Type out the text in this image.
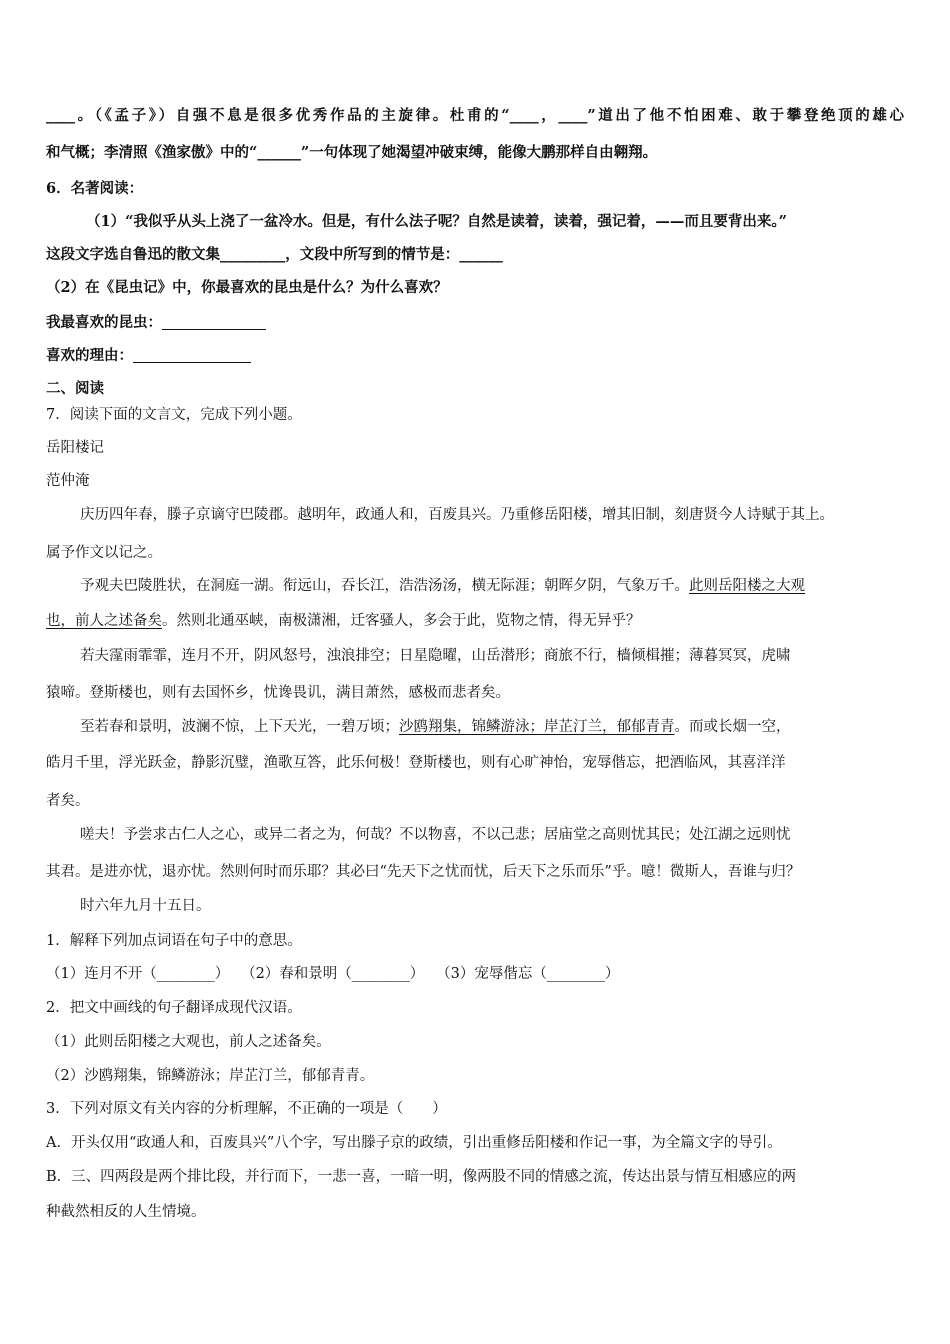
____。（《孟子》）自强不息是很多优秀作品的主旋律。杜甫的“____，____”道出了他不怕困难、敢于攀登绝顶的雄心

和气概；李清照《渔家傲》中的“______”一句体现了她渴望冲破束缚，能像大鹏那样自由翱翔。

6．名著阅读：

（1）“我似乎从头上浇了一盆冷水。但是，有什么法子呢？自然是读着，读着，强记着，——而且要背出来。”

这段文字选自鲁迅的散文集_________，文段中所写到的情节是：______

（2）在《昆虫记》中，你最喜欢的昆虫是什么？为什么喜欢？

我最喜欢的昆虫：

喜欢的理由：

二、阅读

7．阅读下面的文言文，完成下列小题。

岳阳楼记

范仲淹

庆历四年春，滕子京谪守巴陵郡。越明年，政通人和，百废具兴。乃重修岳阳楼，增其旧制，刻唐贤今人诗赋于其上。

属予作文以记之。

予观夫巴陵胜状，在洞庭一湖。衔远山，吞长江，浩浩汤汤，横无际涯；朝晖夕阴，气象万千。此则岳阳楼之大观

也，前人之述备矣。然则北通巫峡，南极潇湘，迁客骚人，多会于此，览物之情，得无异乎？

若夫霪雨霏霏，连月不开，阴风怒号，浊浪排空；日星隐曜，山岳潜形；商旅不行，樯倾楫摧；薄暮冥冥，虎啸

猿啼。登斯楼也，则有去国怀乡，忧谗畏讥，满目萧然，感极而悲者矣。

至若春和景明，波澜不惊，上下天光，一碧万顷；沙鸥翔集，锦鳞游泳；岸芷汀兰，郁郁青青。而或长烟一空，

皓月千里，浮光跃金，静影沉璧，渔歌互答，此乐何极！登斯楼也，则有心旷神怡，宠辱偕忘，把酒临风，其喜洋洋

者矣。

嗟夫！予尝求古仁人之心，或异二者之为，何哉？不以物喜，不以己悲；居庙堂之高则忧其民；处江湖之远则忧

其君。是进亦忧，退亦忧。然则何时而乐耶？其必曰“先天下之忧而忧，后天下之乐而乐”乎。噫！微斯人，吾谁与归？

时六年九月十五日。

1．解释下列加点词语在句子中的意思。

（1）连月不开（________）　 （2）春和景明（________）　 （3）宠辱偕忘（________）

2．把文中画线的句子翻译成现代汉语。

（1）此则岳阳楼之大观也，前人之述备矣。

（2）沙鸥翔集，锦鳞游泳；岸芷汀兰，郁郁青青。

3．下列对原文有关内容的分析理解，不正确的一项是（　　）

A．开头仅用“政通人和，百废具兴”八个字，写出滕子京的政绩，引出重修岳阳楼和作记一事，为全篇文字的导引。

B．三、四两段是两个排比段，并行而下，一悲一喜，一暗一明，像两股不同的情感之流，传达出景与情互相感应的两

种截然相反的人生情境。
